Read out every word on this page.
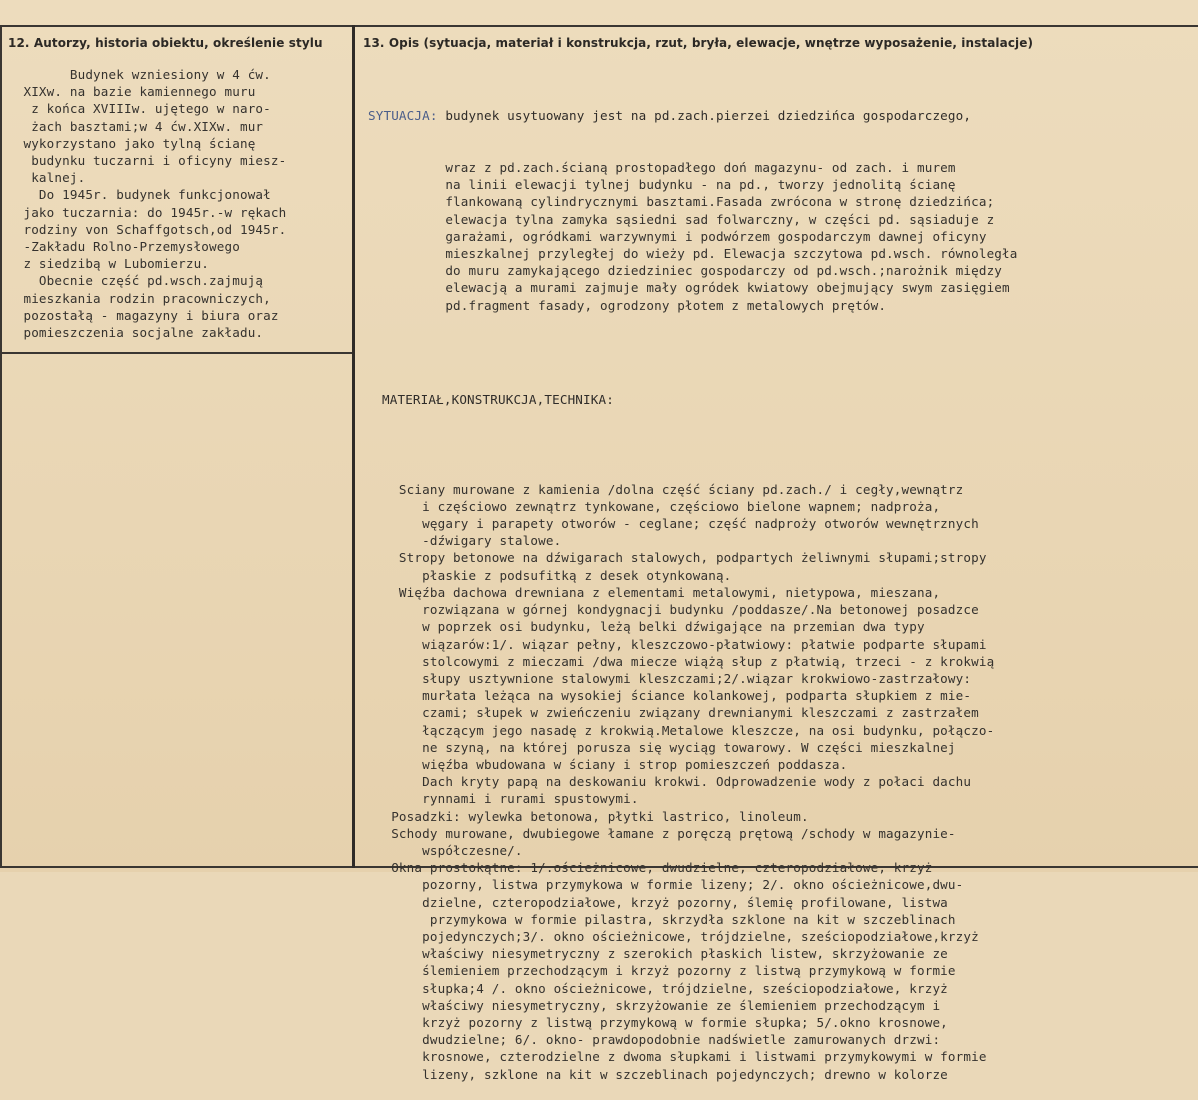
12. Autorzy, historia obiektu, określenie stylu	13. Opis (sytuacja, materiał i konstrukcja, rzut, bryła, elewacje, wnętrze wyposażenie, instalacje)
Budynek wzniesiony w 4 ćw.
XIXw. na bazie kamiennego muru
z końca XVIIIw. ujętego w naro-
żach basztami;w 4 ćw.XIXw. mur
wykorzystano jako tylną ścianę
budynku tuczarni i oficyny miesz-
kalnej.
Do 1945r. budynek funkcjonował
jako tuczarnia: do 1945r.-w rękach
rodziny von Schaffgotsch,od 1945r.
-Zakładu Rolno-Przemysłowego
z siedzibą w Lubomierzu.
Obecnie część pd.wsch.zajmują
mieszkania rodzin pracowniczych,
pozostałą - magazyny i biura oraz
pomieszczenia socjalne zakładu.

SYTUACJA: budynek usytuowany jest na pd.zach.pierzei dziedzińca gospodarczego,

wraz z pd.zach.ścianą prostopadłego doń magazynu- od zach. i murem
na linii elewacji tylnej budynku - na pd., tworzy jednolitą ścianę
flankowaną cylindrycznymi basztami.Fasada zwrócona w stronę dziedzińca;
elewacja tylna zamyka sąsiedni sad folwarczny, w części pd. sąsiaduje z
garażami, ogródkami warzywnymi i podwórzem gospodarczym dawnej oficyny
mieszkalnej przyległej do wieży pd. Elewacja szczytowa pd.wsch. równoległa
do muru zamykającego dziedziniec gospodarczy od pd.wsch.;narożnik między
elewacją a murami zajmuje mały ogródek kwiatowy obejmujący swym zasięgiem
pd.fragment fasady, ogrodzony płotem z metalowych prętów.

MATERIAŁ,KONSTRUKCJA,TECHNIKA:

Sciany murowane z kamienia /dolna część ściany pd.zach./ i cegły,wewnątrz
i częściowo zewnątrz tynkowane, częściowo bielone wapnem; nadproża,
węgary i parapety otworów - ceglane; część nadproży otworów wewnętrznych
-dźwigary stalowe.
Stropy betonowe na dźwigarach stalowych, podpartych żeliwnymi słupami;stropy
płaskie z podsufitką z desek otynkowaną.
Więźba dachowa drewniana z elementami metalowymi, nietypowa, mieszana,
rozwiązana w górnej kondygnacji budynku /poddasze/.Na betonowej posadzce
w poprzek osi budynku, leżą belki dźwigające na przemian dwa typy
wiązarów:1/. wiązar pełny, kleszczowo-płatwiowy: płatwie podparte słupami
stolcowymi z mieczami /dwa miecze wiążą słup z płatwią, trzeci - z krokwią
słupy usztywnione stalowymi kleszczami;2/.wiązar krokwiowo-zastrzałowy:
murłata leżąca na wysokiej ściance kolankowej, podparta słupkiem z mie-
czami; słupek w zwieńczeniu związany drewnianymi kleszczami z zastrzałem
łączącym jego nasadę z krokwią.Metalowe kleszcze, na osi budynku, połączo-
ne szyną, na której porusza się wyciąg towarowy. W części mieszkalnej
więźba wbudowana w ściany i strop pomieszczeń poddasza.
Dach kryty papą na deskowaniu krokwi. Odprowadzenie wody z połaci dachu
rynnami i rurami spustowymi.
Posadzki: wylewka betonowa, płytki lastrico, linoleum.
Schody murowane, dwubiegowe łamane z poręczą prętową /schody w magazynie-
współczesne/.
Okna prostokątne: 1/.ościeżnicowe, dwudzielne, czteropodziałowe, krzyż
pozorny, listwa przymykowa w formie lizeny; 2/. okno ościeżnicowe,dwu-
dzielne, czteropodziałowe, krzyż pozorny, ślemię profilowane, listwa
przymykowa w formie pilastra, skrzydła szklone na kit w szczeblinach
pojedynczych;3/. okno ościeżnicowe, trójdzielne, sześciopodziałowe,krzyż
właściwy niesymetryczny z szerokich płaskich listew, skrzyżowanie ze
ślemieniem przechodzącym i krzyż pozorny z listwą przymykową w formie
słupka;4 /. okno ościeżnicowe, trójdzielne, sześciopodziałowe, krzyż
właściwy niesymetryczny, skrzyżowanie ze ślemieniem przechodzącym i
krzyż pozorny z listwą przymykową w formie słupka; 5/.okno krosnowe,
dwudzielne; 6/. okno- prawdopodobnie nadświetle zamurowanych drzwi:
krosnowe, czterodzielne z dwoma słupkami i listwami przymykowymi w formie
lizeny, szklone na kit w szczeblinach pojedynczych; drewno w kolorze
